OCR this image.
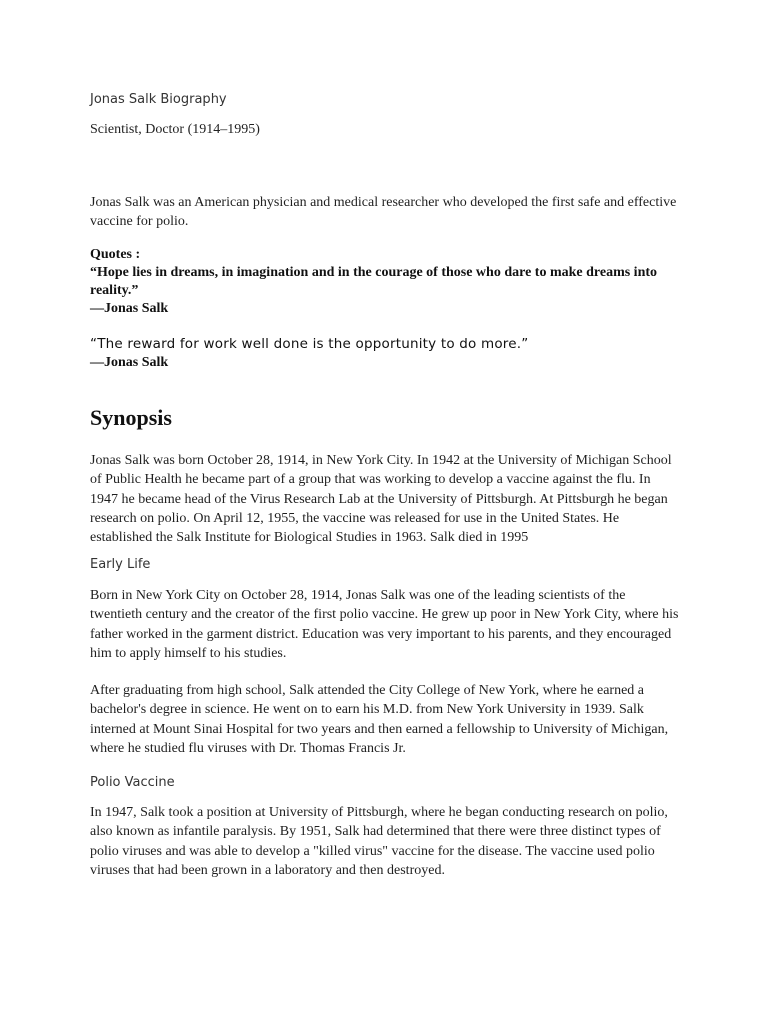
Jonas Salk Biography
Scientist, Doctor (1914–1995)
Jonas Salk was an American physician and medical researcher who developed the first safe and effective vaccine for polio.

Quotes :

“Hope lies in dreams, in imagination and in the courage of those who dare to make dreams into reality.”

—Jonas Salk

“The reward for work well done is the opportunity to do more.”

—Jonas Salk

Synopsis
Jonas Salk was born October 28, 1914, in New York City. In 1942 at the University of Michigan School of Public Health he became part of a group that was working to develop a vaccine against the flu. In 1947 he became head of the Virus Research Lab at the University of Pittsburgh. At Pittsburgh he began research on polio. On April 12, 1955, the vaccine was released for use in the United States. He established the Salk Institute for Biological Studies in 1963. Salk died in 1995
Early Life
Born in New York City on October 28, 1914, Jonas Salk was one of the leading scientists of the twentieth century and the creator of the first polio vaccine. He grew up poor in New York City, where his father worked in the garment district. Education was very important to his parents, and they encouraged him to apply himself to his studies.
After graduating from high school, Salk attended the City College of New York, where he earned a bachelor's degree in science. He went on to earn his M.D. from New York University in 1939. Salk interned at Mount Sinai Hospital for two years and then earned a fellowship to University of Michigan, where he studied flu viruses with Dr. Thomas Francis Jr.
Polio Vaccine
In 1947, Salk took a position at University of Pittsburgh, where he began conducting research on polio, also known as infantile paralysis. By 1951, Salk had determined that there were three distinct types of polio viruses and was able to develop a "killed virus" vaccine for the disease. The vaccine used polio viruses that had been grown in a laboratory and then destroyed.
